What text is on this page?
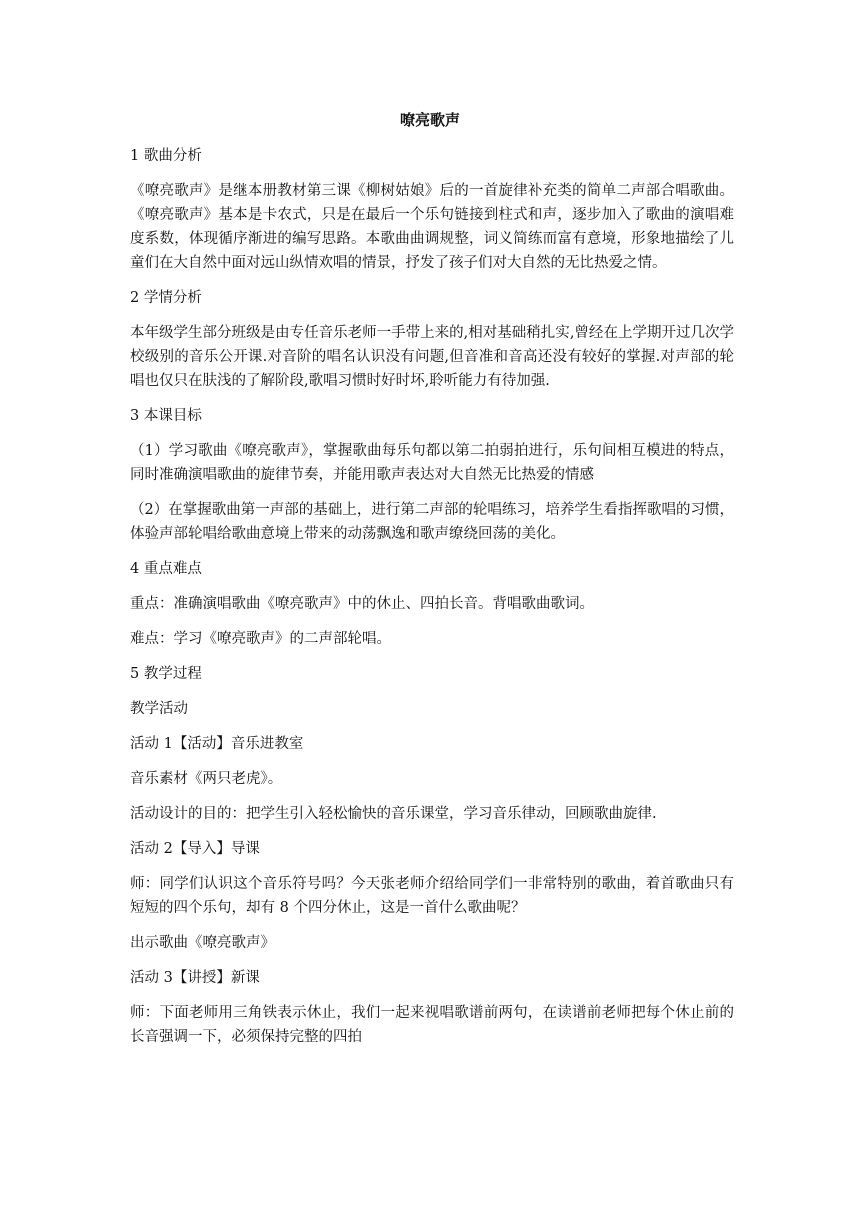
嘹亮歌声

1 歌曲分析

《嘹亮歌声》是继本册教材第三课《柳树姑娘》后的一首旋律补充类的简单二声部合唱歌曲。《嘹亮歌声》基本是卡农式，只是在最后一个乐句链接到柱式和声，逐步加入了歌曲的演唱难度系数，体现循序渐进的编写思路。本歌曲曲调规整，词义简练而富有意境，形象地描绘了儿童们在大自然中面对远山纵情欢唱的情景，抒发了孩子们对大自然的无比热爱之情。

2 学情分析

本年级学生部分班级是由专任音乐老师一手带上来的,相对基础稍扎实,曾经在上学期开过几次学校级别的音乐公开课.对音阶的唱名认识没有问题,但音准和音高还没有较好的掌握.对声部的轮唱也仅只在肤浅的了解阶段,歌唱习惯时好时坏,聆听能力有待加强.

3 本课目标

（1）学习歌曲《嘹亮歌声》，掌握歌曲每乐句都以第二拍弱拍进行，乐句间相互模进的特点，同时准确演唱歌曲的旋律节奏，并能用歌声表达对大自然无比热爱的情感

（2）在掌握歌曲第一声部的基础上，进行第二声部的轮唱练习，培养学生看指挥歌唱的习惯，体验声部轮唱给歌曲意境上带来的动荡飘逸和歌声缭绕回荡的美化。

4 重点难点

重点：准确演唱歌曲《嘹亮歌声》中的休止、四拍长音。背唱歌曲歌词。

难点：学习《嘹亮歌声》的二声部轮唱。

5 教学过程

教学活动

活动 1【活动】音乐进教室

音乐素材《两只老虎》。

活动设计的目的：把学生引入轻松愉快的音乐课堂，学习音乐律动，回顾歌曲旋律.

活动 2【导入】导课

师：同学们认识这个音乐符号吗？今天张老师介绍给同学们一非常特别的歌曲，着首歌曲只有短短的四个乐句，却有 8 个四分休止，这是一首什么歌曲呢？

出示歌曲《嘹亮歌声》

活动 3【讲授】新课

师：下面老师用三角铁表示休止，我们一起来视唱歌谱前两句，在读谱前老师把每个休止前的长音强调一下，必须保持完整的四拍
